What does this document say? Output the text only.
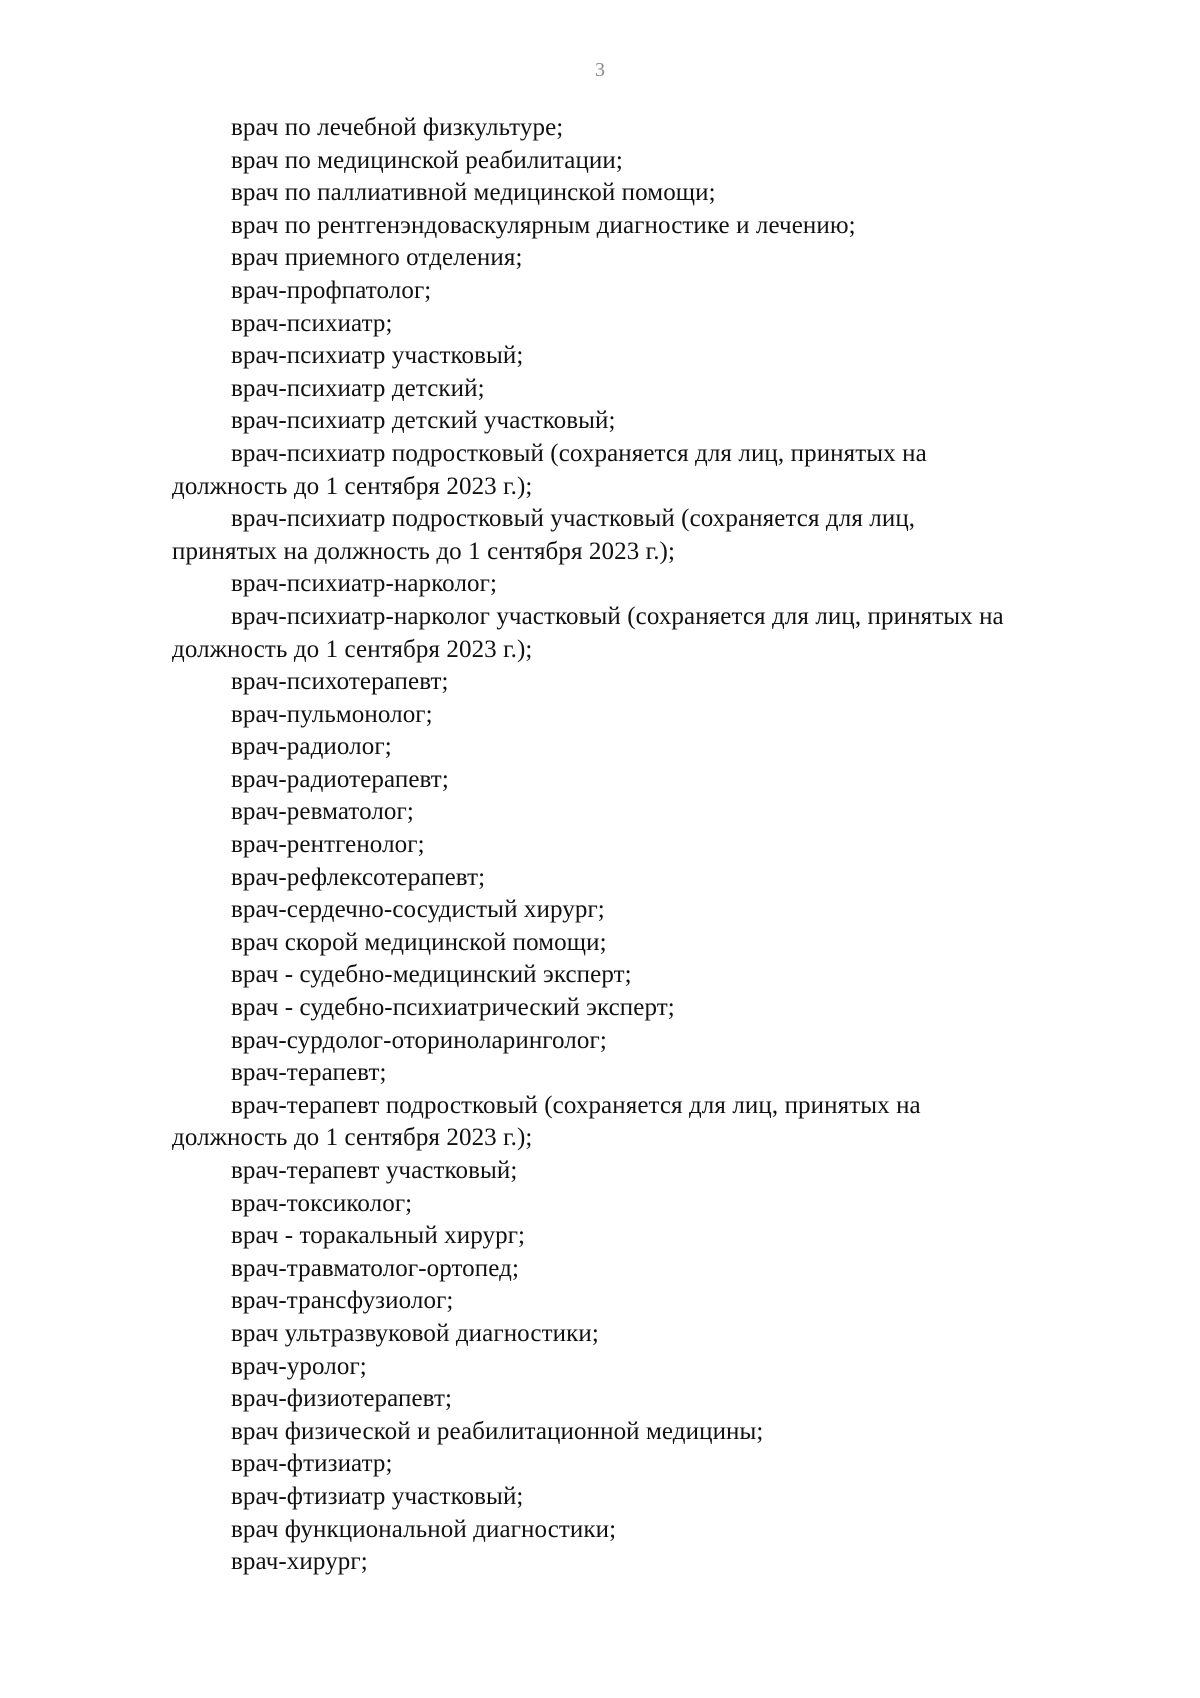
3

врач по лечебной физкультуре;

врач по медицинской реабилитации;

врач по паллиативной медицинской помощи;

врач по рентгенэндоваскулярным диагностике и лечению;

врач приемного отделения;

врач-профпатолог;

врач-психиатр;

врач-психиатр участковый;

врач-психиатр детский;

врач-психиатр детский участковый;

врач-психиатр подростковый (сохраняется для лиц, принятых на
должность до 1 сентября 2023 г.);

врач-психиатр подростковый участковый (сохраняется для лиц,
принятых на должность до 1 сентября 2023 г.);

врач-психиатр-нарколог;

врач-психиатр-нарколог участковый (сохраняется для лиц, принятых на
должность до 1 сентября 2023 г.);

врач-психотерапевт;

врач-пульмонолог;

врач-радиолог;

врач-радиотерапевт;

врач-ревматолог;

врач-рентгенолог;

врач-рефлексотерапевт;

врач-сердечно-сосудистый хирург;

врач скорой медицинской помощи;

врач - судебно-медицинский эксперт;

врач - судебно-психиатрический эксперт;

врач-сурдолог-оториноларинголог;

врач-терапевт;

врач-терапевт подростковый (сохраняется для лиц, принятых на
должность до 1 сентября 2023 г.);

врач-терапевт участковый;

врач-токсиколог;

врач - торакальный хирург;

врач-травматолог-ортопед;

врач-трансфузиолог;

врач ультразвуковой диагностики;

врач-уролог;

врач-физиотерапевт;

врач физической и реабилитационной медицины;

врач-фтизиатр;

врач-фтизиатр участковый;

врач функциональной диагностики;

врач-хирург;
